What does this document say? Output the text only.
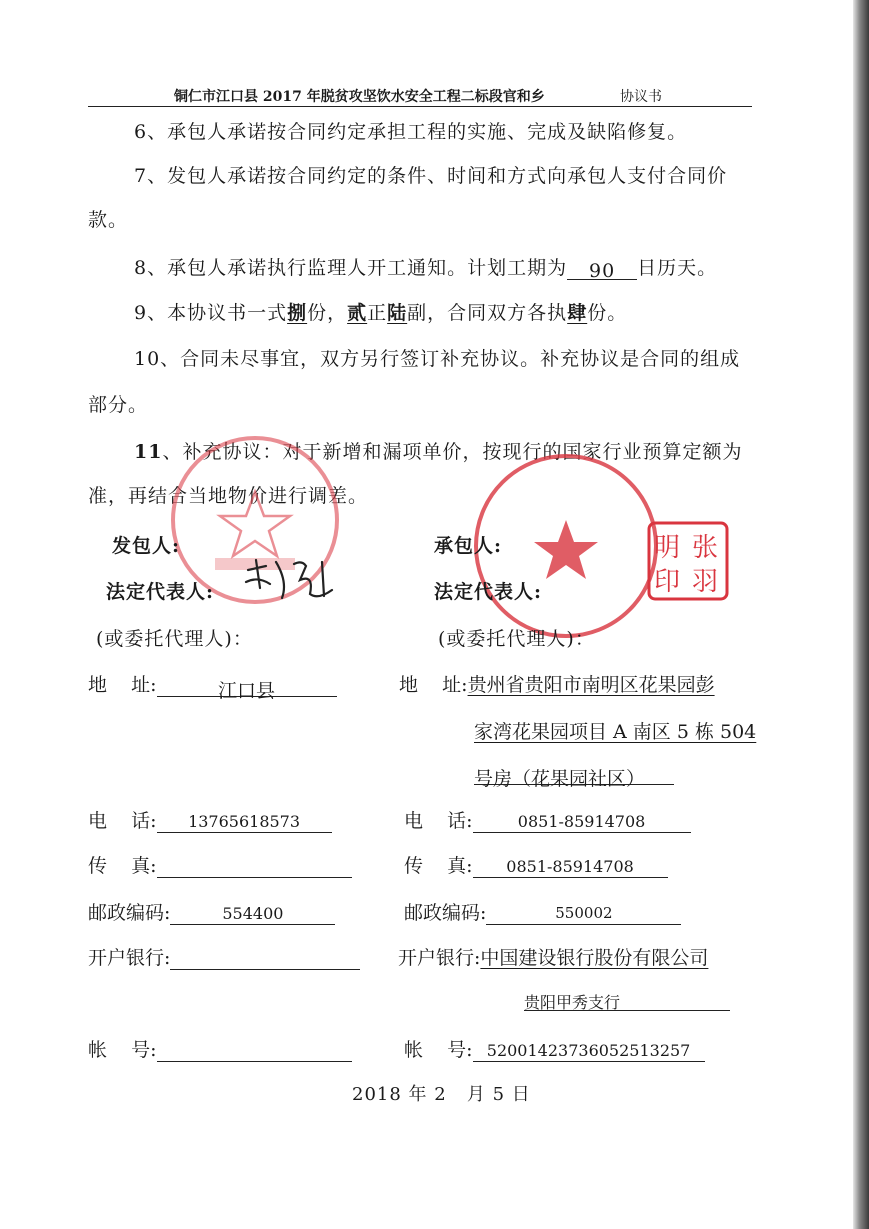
铜仁市江口县 2017 年脱贫攻坚饮水安全工程二标段官和乡	协议书
6、承包人承诺按合同约定承担工程的实施、完成及缺陷修复。
7、发包人承诺按合同约定的条件、时间和方式向承包人支付合同价
款。
8、承包人承诺执行监理人开工通知。计划工期为 90 日历天。
9、本协议书一式捌份，贰正陆副，合同双方各执肆份。
10、合同未尽事宜，双方另行签订补充协议。补充协议是合同的组成
部分。
11、补充协议：对于新增和漏项单价，按现行的国家行业预算定额为
准，再结合当地物价进行调差。
张
羽
明
印
发包人:	承包人:
法定代表人:	法定代表人:
(或委托代理人)：	(或委托代理人)：
地    址:	江口县	地    址:贵州省贵阳市南明区花果园彭
家湾花果园项目 A 南区 5 栋 504
号房（花果园社区）
电    话: 13765618573	电    话:	0851-85914708
传    真:	传    真: 0851-85914708
邮政编码:	554400	邮政编码:	550002
开户银行:	开户银行:中国建设银行股份有限公司
贵阳甲秀支行
帐    号:	帐    号: 52001423736052513257
2018 年 2   月 5 日
